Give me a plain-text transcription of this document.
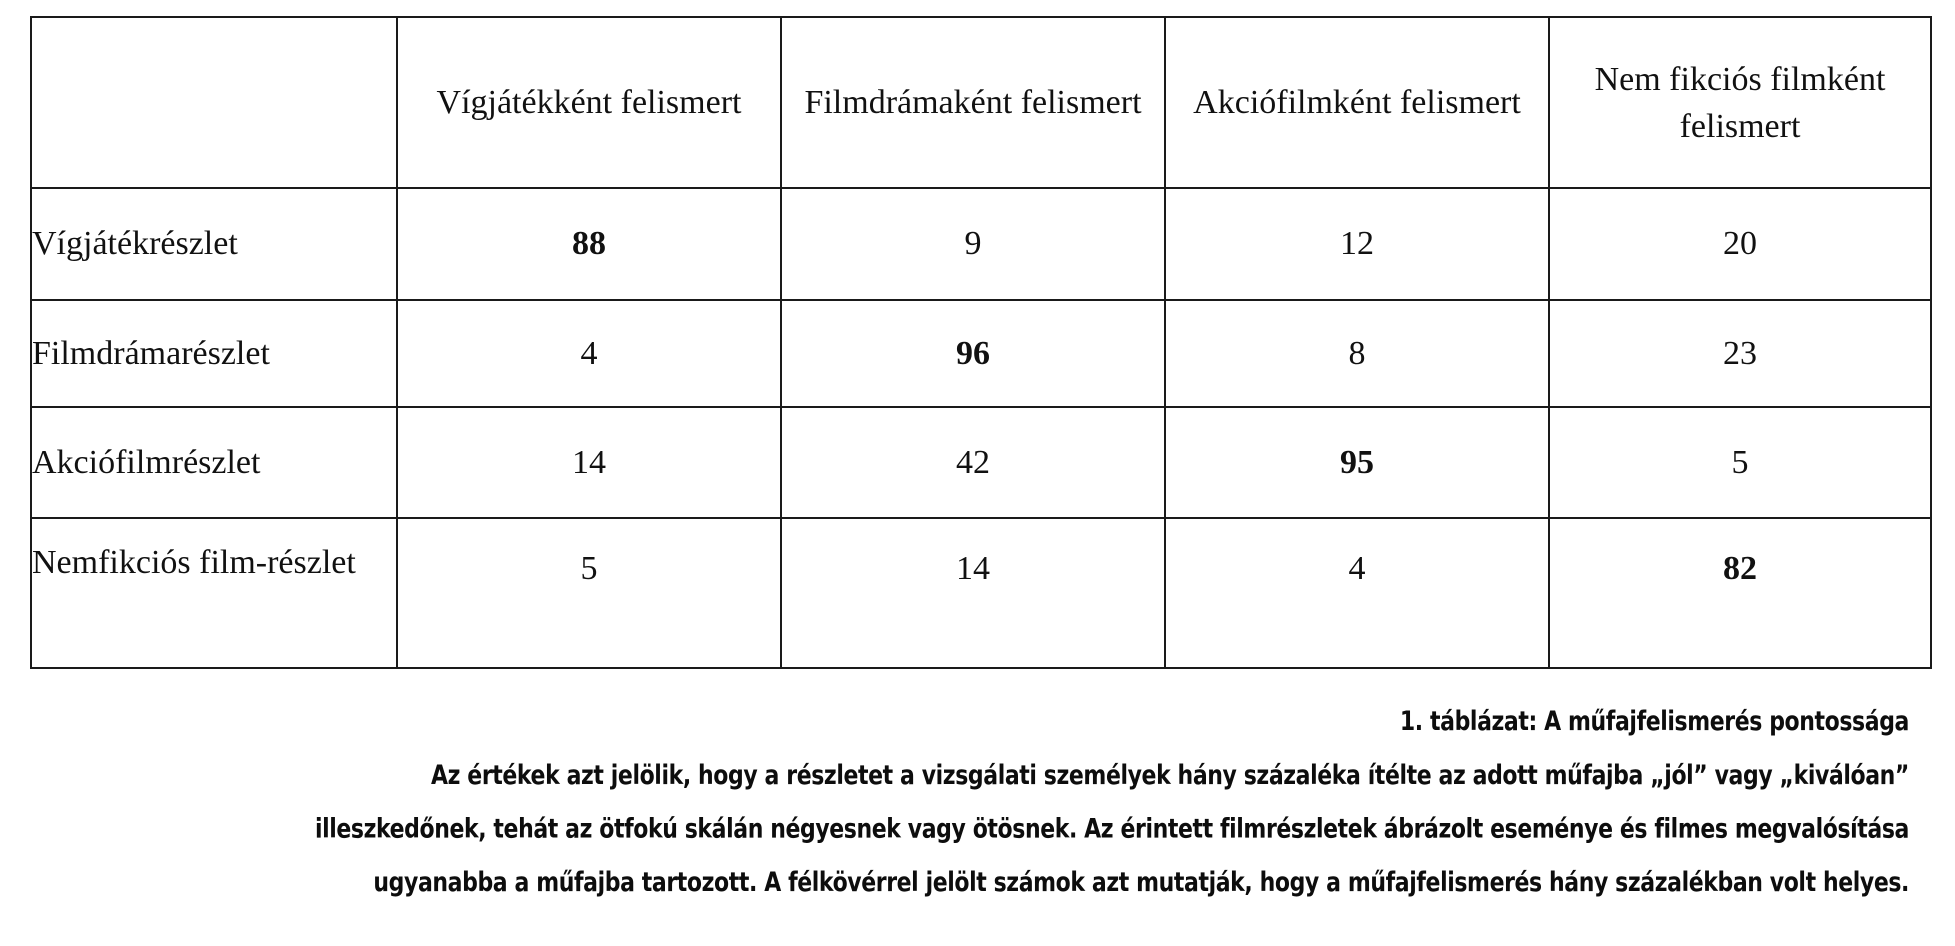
	Vígjátékként felismert	Filmdrámaként felismert	Akciófilmként felismert	Nem fikciós filmként felismert
Vígjátékrészlet	88	9	12	20
Filmdrámarészlet	4	96	8	23
Akciófilmrészlet	14	42	95	5
Nemfikciós film-részlet	5	14	4	82

1. táblázat: A műfajfelismerés pontossága

Az értékek azt jelölik, hogy a részletet a vizsgálati személyek hány százaléka ítélte az adott műfajba „jól” vagy „kiválóan”

illeszkedőnek, tehát az ötfokú skálán négyesnek vagy ötösnek. Az érintett filmrészletek ábrázolt eseménye és filmes megvalósítása

ugyanabba a műfajba tartozott. A félkövérrel jelölt számok azt mutatják, hogy a műfajfelismerés hány százalékban volt helyes.
